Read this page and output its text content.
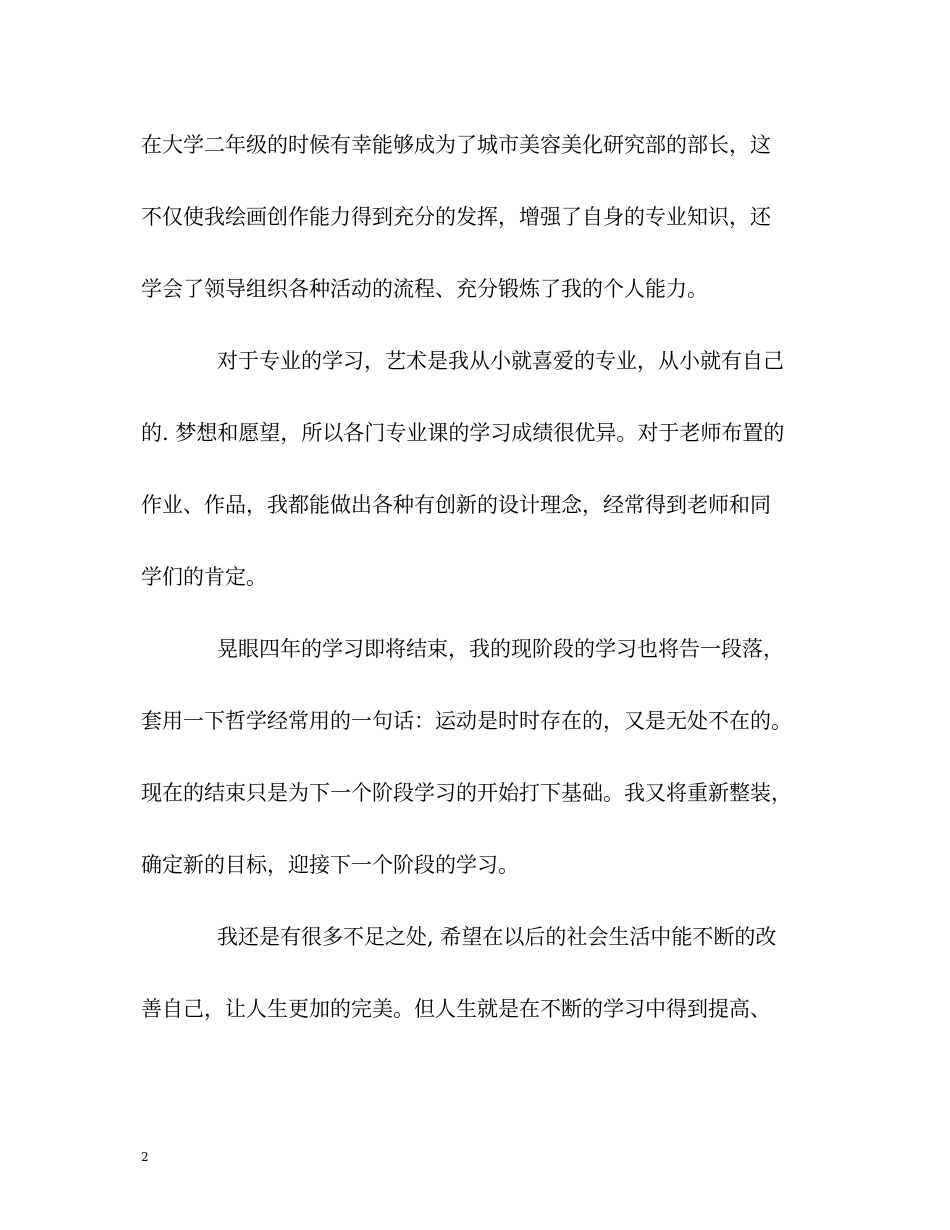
在大学二年级的时候有幸能够成为了城市美容美化研究部的部长，这
不仅使我绘画创作能力得到充分的发挥，增强了自身的专业知识，还
学会了领导组织各种活动的流程、充分锻炼了我的个人能力。
对于专业的学习，艺术是我从小就喜爱的专业，从小就有自己
的. 梦想和愿望，所以各门专业课的学习成绩很优异。对于老师布置的
作业、作品，我都能做出各种有创新的设计理念，经常得到老师和同
学们的肯定。
晃眼四年的学习即将结束，我的现阶段的学习也将告一段落，
套用一下哲学经常用的一句话：运动是时时存在的，又是无处不在的。
现在的结束只是为下一个阶段学习的开始打下基础。我又将重新整装，
确定新的目标，迎接下一个阶段的学习。
我还是有很多不足之处, 希望在以后的社会生活中能不断的改
善自己，让人生更加的完美。但人生就是在不断的学习中得到提高、
2
